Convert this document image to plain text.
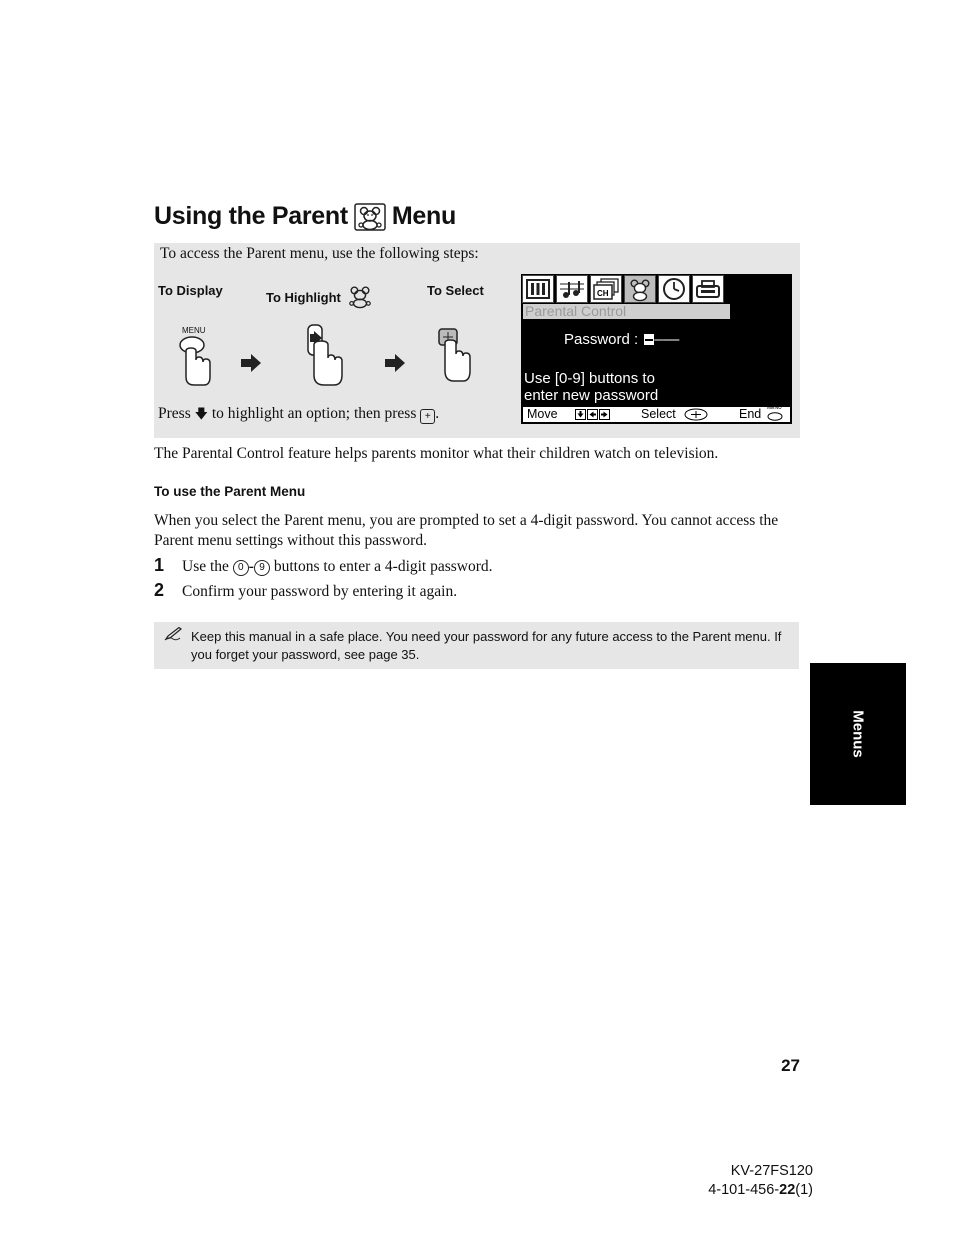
Using the Parent Menu
To access the Parent menu, use the following steps:
To Display	To Highlight	To Select
MENU
Press 🡇 to highlight an option; then press + .
CH
Parental Control
Password : –––
Use [0-9] buttons to
enter new password
Move	Select	End MENU
The Parental Control feature helps parents monitor what their children watch on television.
To use the Parent Menu
When you select the Parent menu, you are prompted to set a 4-digit password. You cannot access the Parent menu settings without this password.
1 Use the 0 - 9 buttons to enter a 4-digit password.
2 Confirm your password by entering it again.
Keep this manual in a safe place. You need your password for any future access to the Parent menu. If you forget your password, see page 35.
Menus
27
KV-27FS120
4-101-456-22(1)
